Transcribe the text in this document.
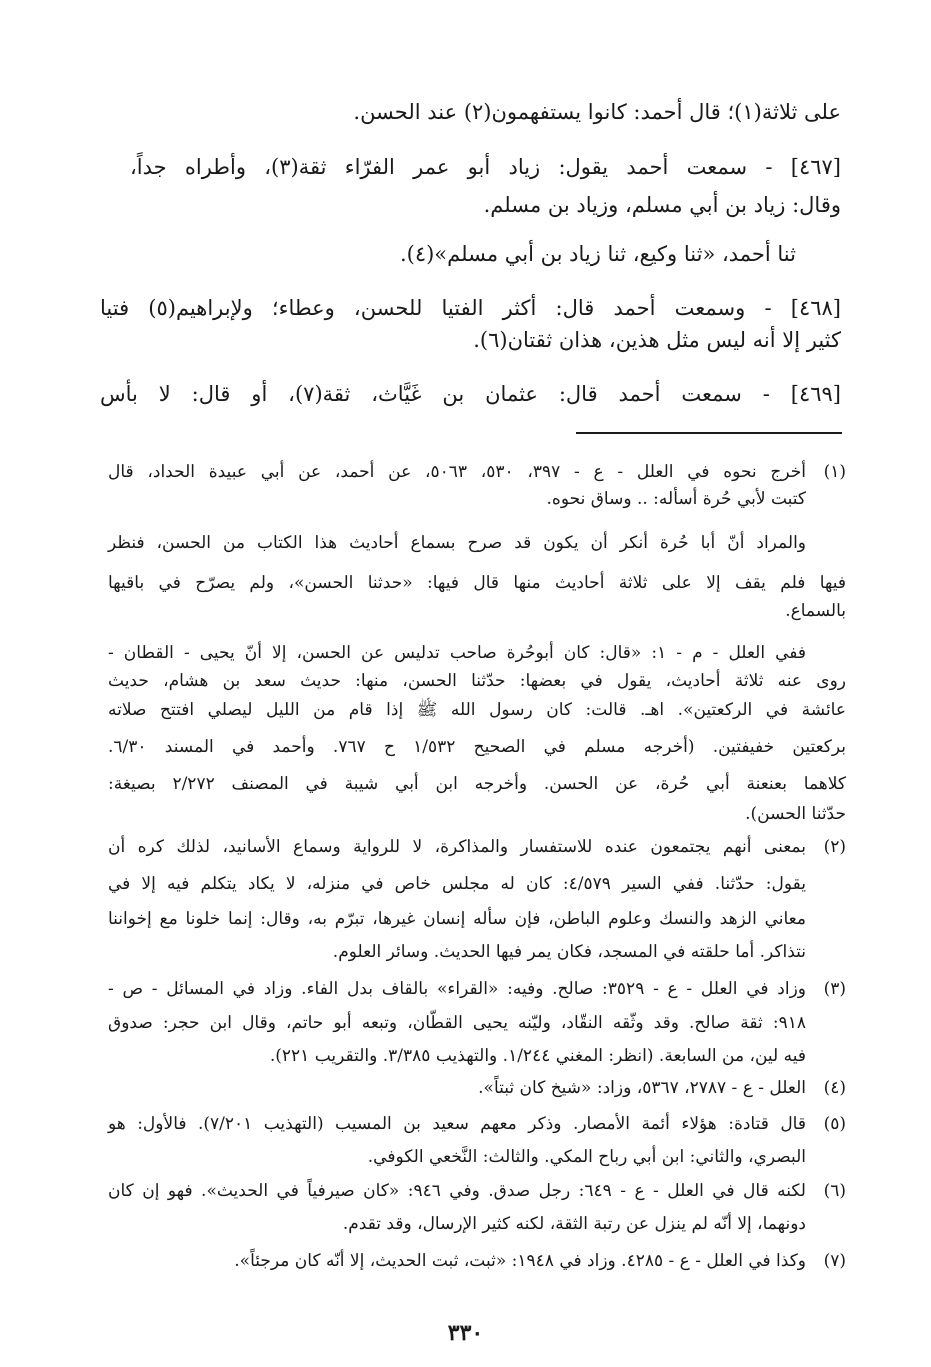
على ثلاثة(١)؛ قال أحمد: كانوا يستفهمون(٢) عند الحسن.
[٤٦٧] - سمعت أحمد يقول: زياد أبو عمر الفرّاء ثقة(٣)، وأطراه جداً،
وقال: زياد بن أبي مسلم، وزياد بن مسلم.
ثنا أحمد، «ثنا وكيع، ثنا زياد بن أبي مسلم»(٤).
[٤٦٨] - وسمعت أحمد قال: أكثر الفتيا للحسن، وعطاء؛ ولإبراهيم(٥) فتيا
كثير إلا أنه ليس مثل هذين، هذان ثقتان(٦).
[٤٦٩] - سمعت أحمد قال: عثمان بن غَيَّاث، ثقة(٧)، أو قال: لا بأس
(١)
أخرج نحوه في العلل - ع - ٣٩٧، ٥٣٠، ٥٠٦٣، عن أحمد، عن أبي عبيدة الحداد، قال
كتبت لأبي حُرة أسأله: .. وساق نحوه.
والمراد أنّ أبا حُرة أنكر أن يكون قد صرح بسماع أحاديث هذا الكتاب من الحسن، فنظر
فيها فلم يقف إلا على ثلاثة أحاديث منها قال فيها: «حدثنا الحسن»، ولم يصرّح في باقيها
بالسماع.
ففي العلل - م - ١: «قال: كان أبوحُرة صاحب تدليس عن الحسن، إلا أنّ يحيى - القطان -
روى عنه ثلاثة أحاديث، يقول في بعضها: حدّثنا الحسن، منها: حديث سعد بن هشام، حديث
عائشة في الركعتين». اهـ. قالت: كان رسول الله ﷺ إذا قام من الليل ليصلي افتتح صلاته
بركعتين خفيفتين. (أخرجه مسلم في الصحيح ١/٥٣٢ ح ٧٦٧. وأحمد في المسند ٦/٣٠.
كلاهما بعنعنة أبي حُرة، عن الحسن. وأخرجه ابن أبي شيبة في المصنف ٢/٢٧٢ بصيغة:
حدّثنا الحسن).
(٢)
بمعنى أنهم يجتمعون عنده للاستفسار والمذاكرة، لا للرواية وسماع الأسانيد، لذلك كره أن
يقول: حدّثنا. ففي السير ٤/٥٧٩: كان له مجلس خاص في منزله، لا يكاد يتكلم فيه إلا في
معاني الزهد والنسك وعلوم الباطن، فإن سأله إنسان غيرها، تبرّم به، وقال: إنما خلونا مع إخواننا
نتذاكر. أما حلقته في المسجد، فكان يمر فيها الحديث. وسائر العلوم.
(٣)
وزاد في العلل - ع - ٣٥٢٩: صالح. وفيه: «القراء» بالقاف بدل الفاء. وزاد في المسائل - ص -
٩١٨: ثقة صالح. وقد وثّقه النقّاد، وليّنه يحيى القطّان، وتبعه أبو حاتم، وقال ابن حجر: صدوق
فيه لين، من السابعة. (انظر: المغني ١/٢٤٤. والتهذيب ٣/٣٨٥. والتقريب ٢٢١).
(٤)
العلل - ع - ٢٧٨٧، ٥٣٦٧، وزاد: «شيخ كان ثبتاً».
(٥)
قال قتادة: هؤلاء أئمة الأمصار. وذكر معهم سعيد بن المسيب (التهذيب ٧/٢٠١). فالأول: هو
البصري، والثاني: ابن أبي رباح المكي. والثالث: النَّخعي الكوفي.
(٦)
لكنه قال في العلل - ع - ٦٤٩: رجل صدق. وفي ٩٤٦: «كان صيرفياً في الحديث». فهو إن كان
دونهما، إلا أنّه لم ينزل عن رتبة الثقة، لكنه كثير الإرسال، وقد تقدم.
(٧)
وكذا في العلل - ع - ٤٢٨٥. وزاد في ١٩٤٨: «ثبت، ثبت الحديث، إلا أنّه كان مرجئاً».
٣٣٠
